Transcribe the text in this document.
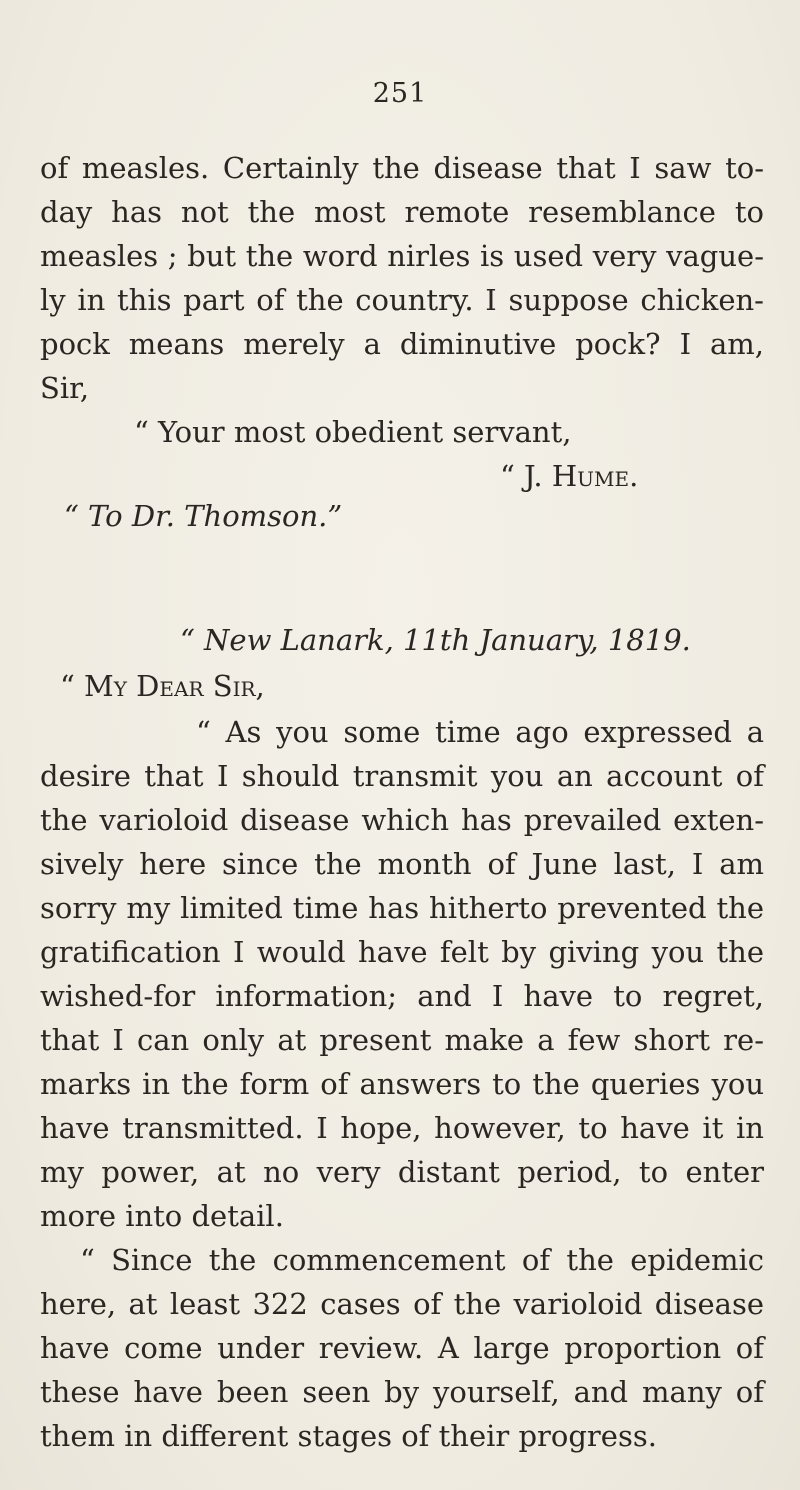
251
of measles. Certainly the disease that I saw to-
day has not the most remote resemblance to
measles ; but the word nirles is used very vague-
ly in this part of the country. I suppose chicken-
pock means merely a diminutive pock? I am,
Sir,
“ Your most obedient servant,
“ J. Hume.
“ To Dr. Thomson.”
“ New Lanark, 11th January, 1819.
“ My Dear Sir,
“ As you some time ago expressed a
desire that I should transmit you an account of
the varioloid disease which has prevailed exten-
sively here since the month of June last, I am
sorry my limited time has hitherto prevented the
gratification I would have felt by giving you the
wished-for information; and I have to regret,
that I can only at present make a few short re-
marks in the form of answers to the queries you
have transmitted. I hope, however, to have it in
my power, at no very distant period, to enter
more into detail.
“ Since the commencement of the epidemic
here, at least 322 cases of the varioloid disease
have come under review. A large proportion of
these have been seen by yourself, and many of
them in different stages of their progress.
